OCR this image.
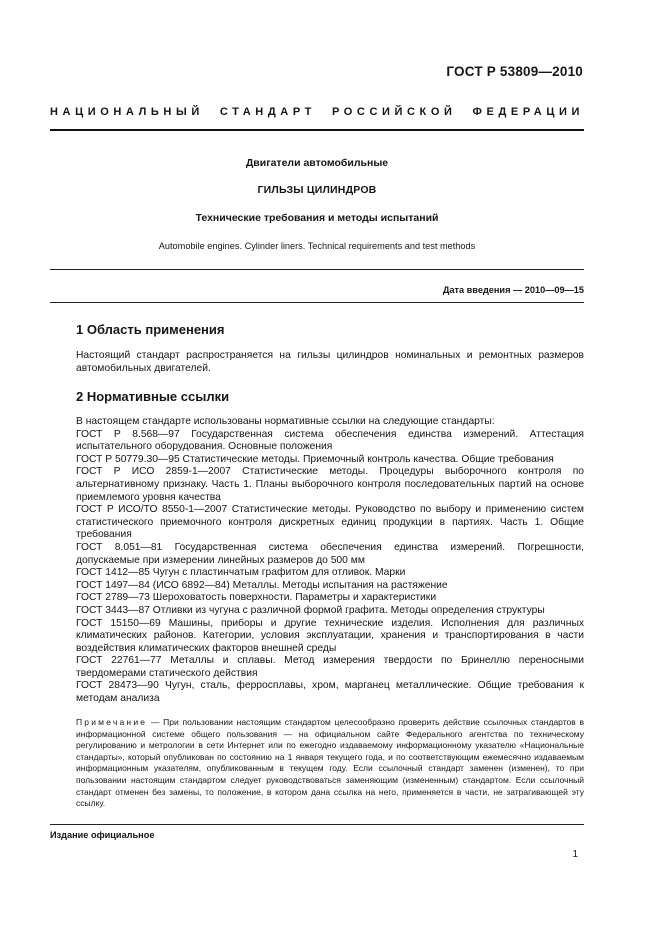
ГОСТ Р 53809—2010
НАЦИОНАЛЬНЫЙ СТАНДАРТ РОССИЙСКОЙ ФЕДЕРАЦИИ
Двигатели автомобильные
ГИЛЬЗЫ ЦИЛИНДРОВ
Технические требования и методы испытаний
Automobile engines. Cylinder liners. Technical requirements and test methods
Дата введения — 2010—09—15
1 Область применения

Настоящий стандарт распространяется на гильзы цилиндров номинальных и ремонтных размеров автомобильных двигателей.

2 Нормативные ссылки

В настоящем стандарте использованы нормативные ссылки на следующие стандарты:

ГОСТ Р 8.568—97 Государственная система обеспечения единства измерений. Аттестация испытательного оборудования. Основные положения

ГОСТ Р 50779.30—95 Статистические методы. Приемочный контроль качества. Общие требования

ГОСТ Р ИСО 2859-1—2007 Статистические методы. Процедуры выборочного контроля по альтернативному признаку. Часть 1. Планы выборочного контроля последовательных партий на основе приемлемого уровня качества

ГОСТ Р ИСО/ТО 8550-1—2007 Статистические методы. Руководство по выбору и применению систем статистического приемочного контроля дискретных единиц продукции в партиях. Часть 1. Общие требования

ГОСТ 8.051—81 Государственная система обеспечения единства измерений. Погрешности, допускаемые при измерении линейных размеров до 500 мм

ГОСТ 1412—85 Чугун с пластинчатым графитом для отливок. Марки

ГОСТ 1497—84 (ИСО 6892—84) Металлы. Методы испытания на растяжение

ГОСТ 2789—73 Шероховатость поверхности. Параметры и характеристики

ГОСТ 3443—87 Отливки из чугуна с различной формой графита. Методы определения структуры

ГОСТ 15150—69 Машины, приборы и другие технические изделия. Исполнения для различных климатических районов. Категории, условия эксплуатации, хранения и транспортирования в части воздействия климатических факторов внешней среды

ГОСТ 22761—77 Металлы и сплавы. Метод измерения твердости по Бринеллю переносными твердомерами статического действия

ГОСТ 28473—90 Чугун, сталь, ферросплавы, хром, марганец металлические. Общие требования к методам анализа

Примечание — При пользовании настоящим стандартом целесообразно проверить действие ссылочных стандартов в информационной системе общего пользования — на официальном сайте Федерального агентства по техническому регулированию и метрологии в сети Интернет или по ежегодно издаваемому информационному указателю «Национальные стандарты», который опубликован по состоянию на 1 января текущего года, и по соответствующим ежемесячно издаваемым информационным указателям, опубликованным в текущем году. Если ссылочный стандарт заменен (изменен), то при пользовании настоящим стандартом следует руководствоваться заменяющим (измененным) стандартом. Если ссылочный стандарт отменен без замены, то положение, в котором дана ссылка на него, применяется в части, не затрагивающей эту ссылку.
Издание официальное
1
